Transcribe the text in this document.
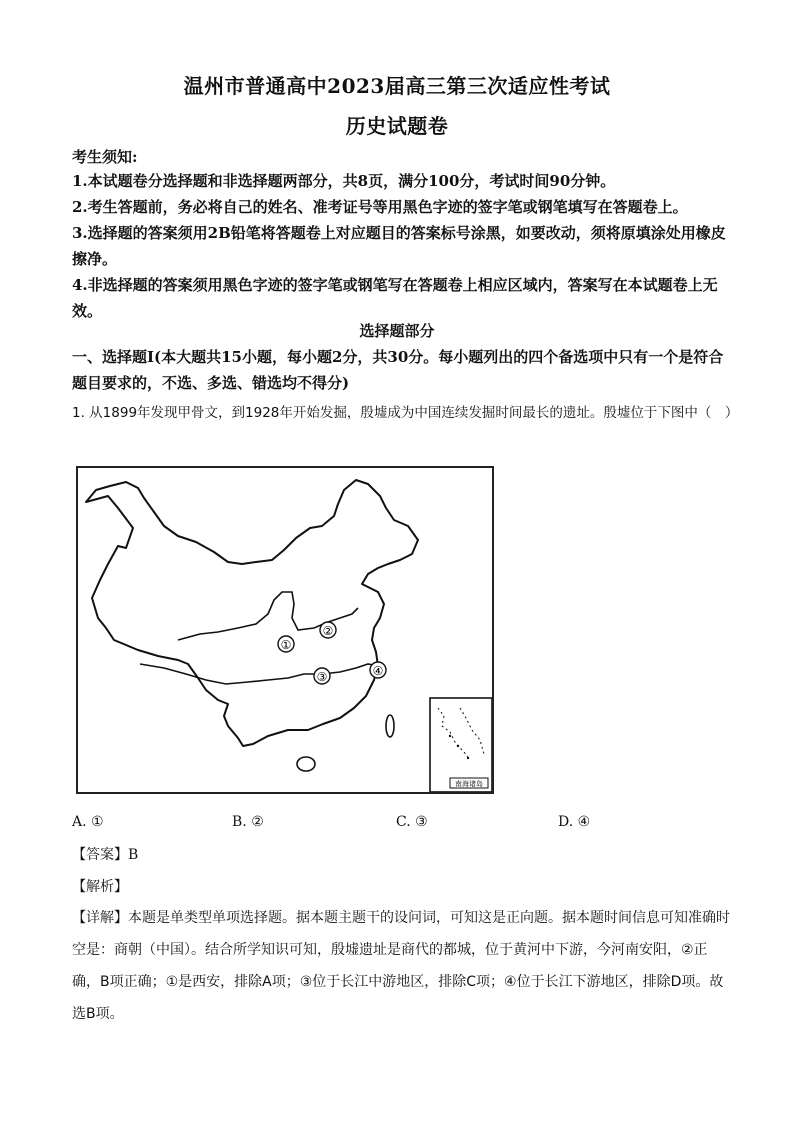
温州市普通高中2023届高三第三次适应性考试
历史试题卷
考生须知:
1.本试题卷分选择题和非选择题两部分，共8页，满分100分，考试时间90分钟。
2.考生答题前，务必将自己的姓名、准考证号等用黑色字迹的签字笔或钢笔填写在答题卷上。
3.选择题的答案须用2B铅笔将答题卷上对应题目的答案标号涂黑，如要改动，须将原填涂处用橡皮擦净。
4.非选择题的答案须用黑色字迹的签字笔或钢笔写在答题卷上相应区域内，答案写在本试题卷上无效。
选择题部分
一、选择题I(本大题共15小题，每小题2分，共30分。每小题列出的四个备选项中只有一个是符合题目要求的，不选、多选、错选均不得分)
1. 从1899年发现甲骨文，到1928年开始发掘，殷墟成为中国连续发掘时间最长的遗址。殷墟位于下图中（　）
①
②
③	④
南海诸岛
A. ①	B. ②	C. ③	D. ④
【答案】B
【解析】
【详解】本题是单类型单项选择题。据本题主题干的设问词，可知这是正向题。据本题时间信息可知准确时空是：商朝（中国）。结合所学知识可知，殷墟遗址是商代的都城，位于黄河中下游，今河南安阳，②正确，B项正确；①是西安，排除A项；③位于长江中游地区，排除C项；④位于长江下游地区，排除D项。故选B项。
